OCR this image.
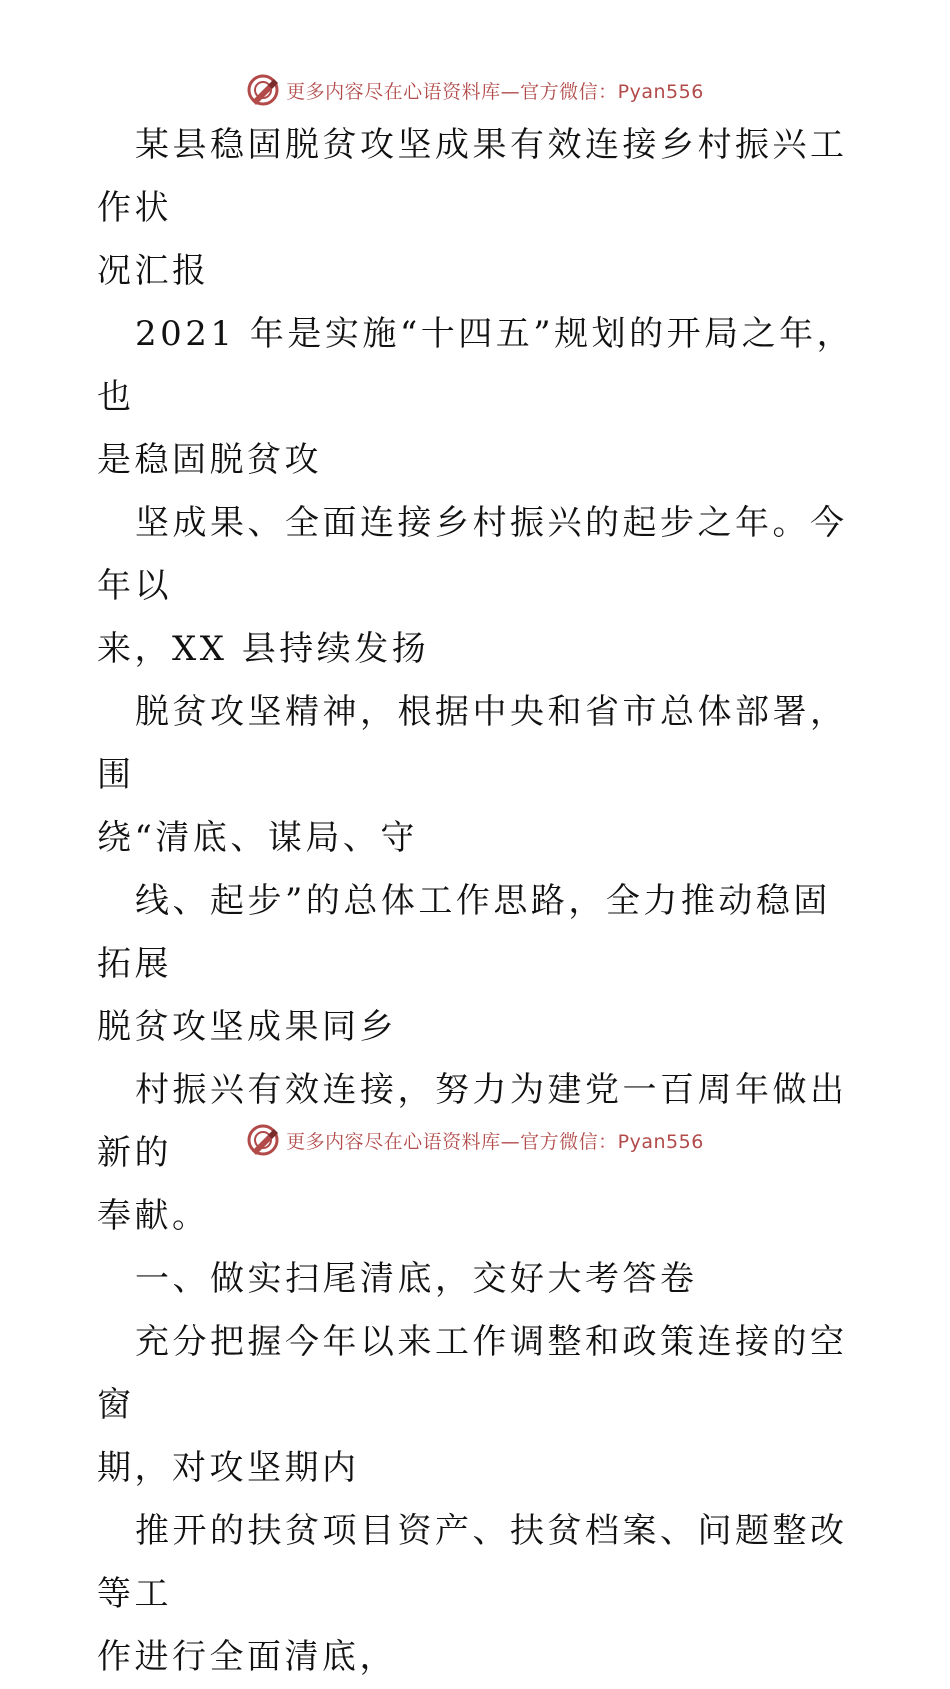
更多内容尽在心语资料库—官方微信：Pyan556

某县稳固脱贫攻坚成果有效连接乡村振兴工作状
况汇报

2021 年是实施“十四五”规划的开局之年，也
是稳固脱贫攻

坚成果、全面连接乡村振兴的起步之年。今年以
来，XX 县持续发扬

脱贫攻坚精神，根据中央和省市总体部署，围
绕“清底、谋局、守

线、起步”的总体工作思路，全力推动稳固拓展
脱贫攻坚成果同乡

村振兴有效连接，努力为建党一百周年做出新的
奉献。

一、做实扫尾清底，交好大考答卷

充分把握今年以来工作调整和政策连接的空窗
期，对攻坚期内

推开的扶贫项目资产、扶贫档案、问题整改等工
作进行全面清底，

更多内容尽在心语资料库—官方微信：Pyan556
